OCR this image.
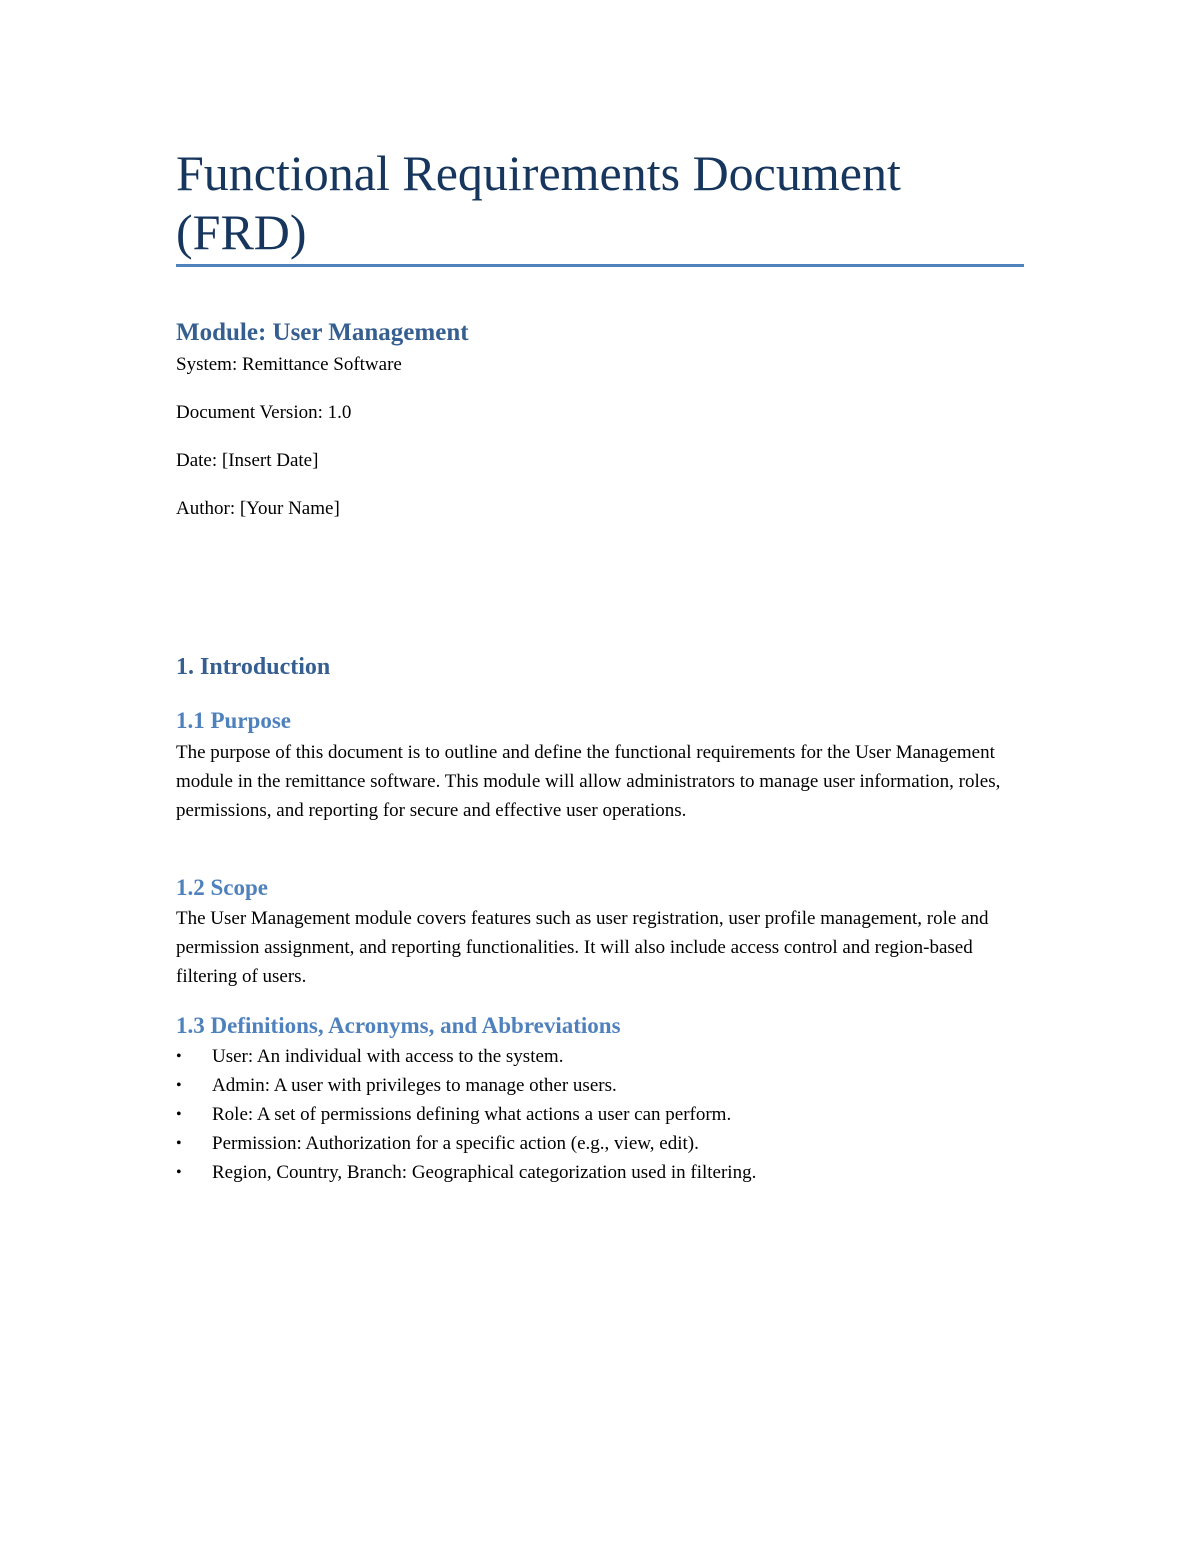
Functional Requirements Document (FRD)
Module: User Management

System: Remittance Software

Document Version: 1.0

Date: [Insert Date]

Author: [Your Name]

1. Introduction
1.1 Purpose

The purpose of this document is to outline and define the functional requirements for the User Management module in the remittance software. This module will allow administrators to manage user information, roles, permissions, and reporting for secure and effective user operations.

1.2 Scope

The User Management module covers features such as user registration, user profile management, role and permission assignment, and reporting functionalities. It will also include access control and region-based filtering of users.

1.3 Definitions, Acronyms, and Abbreviations
•	User: An individual with access to the system.
•	Admin: A user with privileges to manage other users.
•	Role: A set of permissions defining what actions a user can perform.
•	Permission: Authorization for a specific action (e.g., view, edit).
•	Region, Country, Branch: Geographical categorization used in filtering.
